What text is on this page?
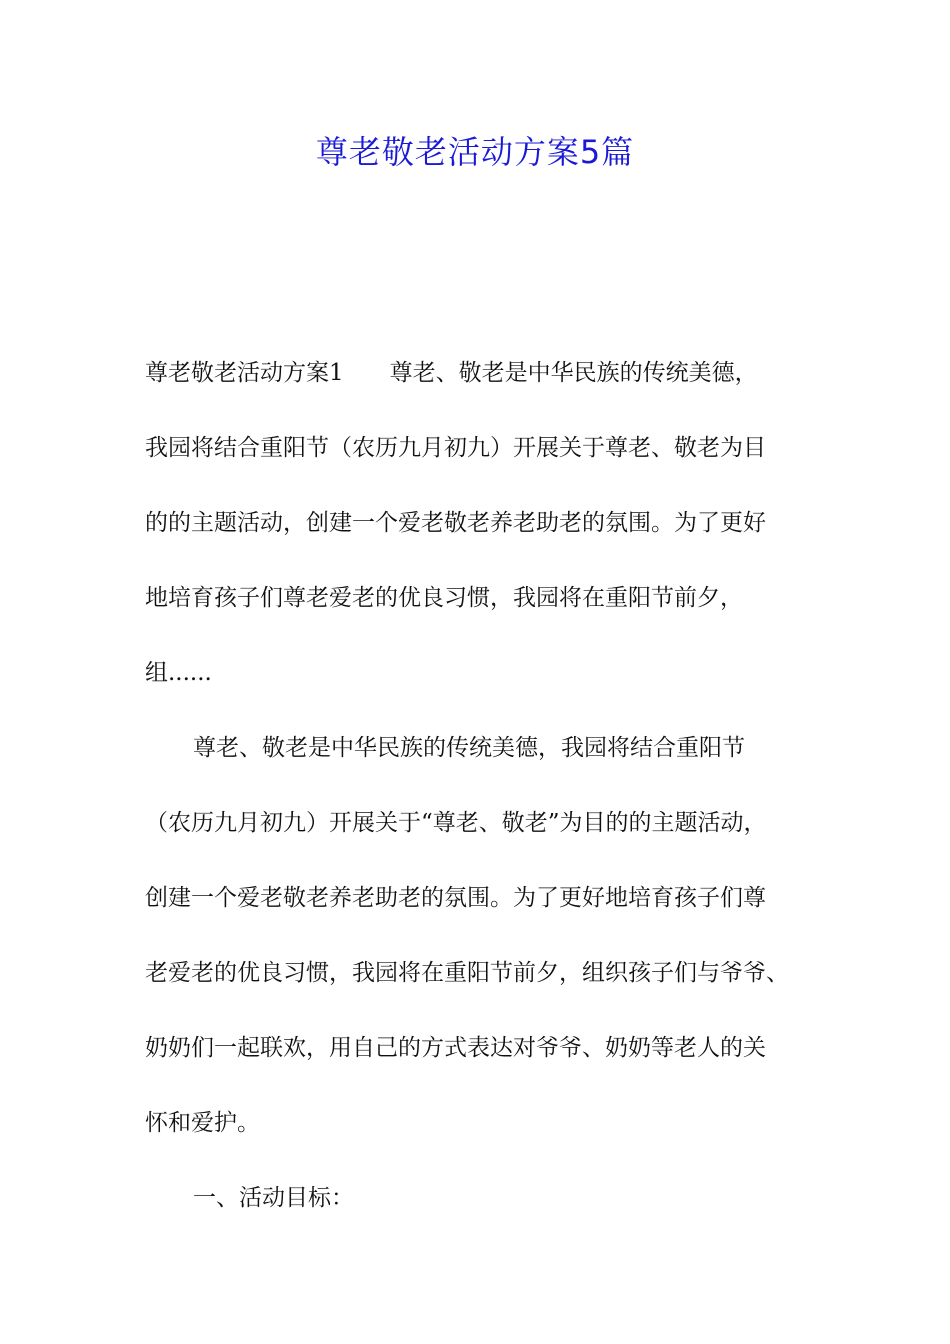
尊老敬老活动方案5篇
尊老敬老活动方案1　　尊老、敬老是中华民族的传统美德，
我园将结合重阳节（农历九月初九）开展关于尊老、敬老为目
的的主题活动，创建一个爱老敬老养老助老的氛围。为了更好
地培育孩子们尊老爱老的优良习惯，我园将在重阳节前夕，
组......
尊老、敬老是中华民族的传统美德，我园将结合重阳节
（农历九月初九）开展关于“尊老、敬老”为目的的主题活动，
创建一个爱老敬老养老助老的氛围。为了更好地培育孩子们尊
老爱老的优良习惯，我园将在重阳节前夕，组织孩子们与爷爷、
奶奶们一起联欢，用自己的方式表达对爷爷、奶奶等老人的关
怀和爱护。
一、活动目标：
